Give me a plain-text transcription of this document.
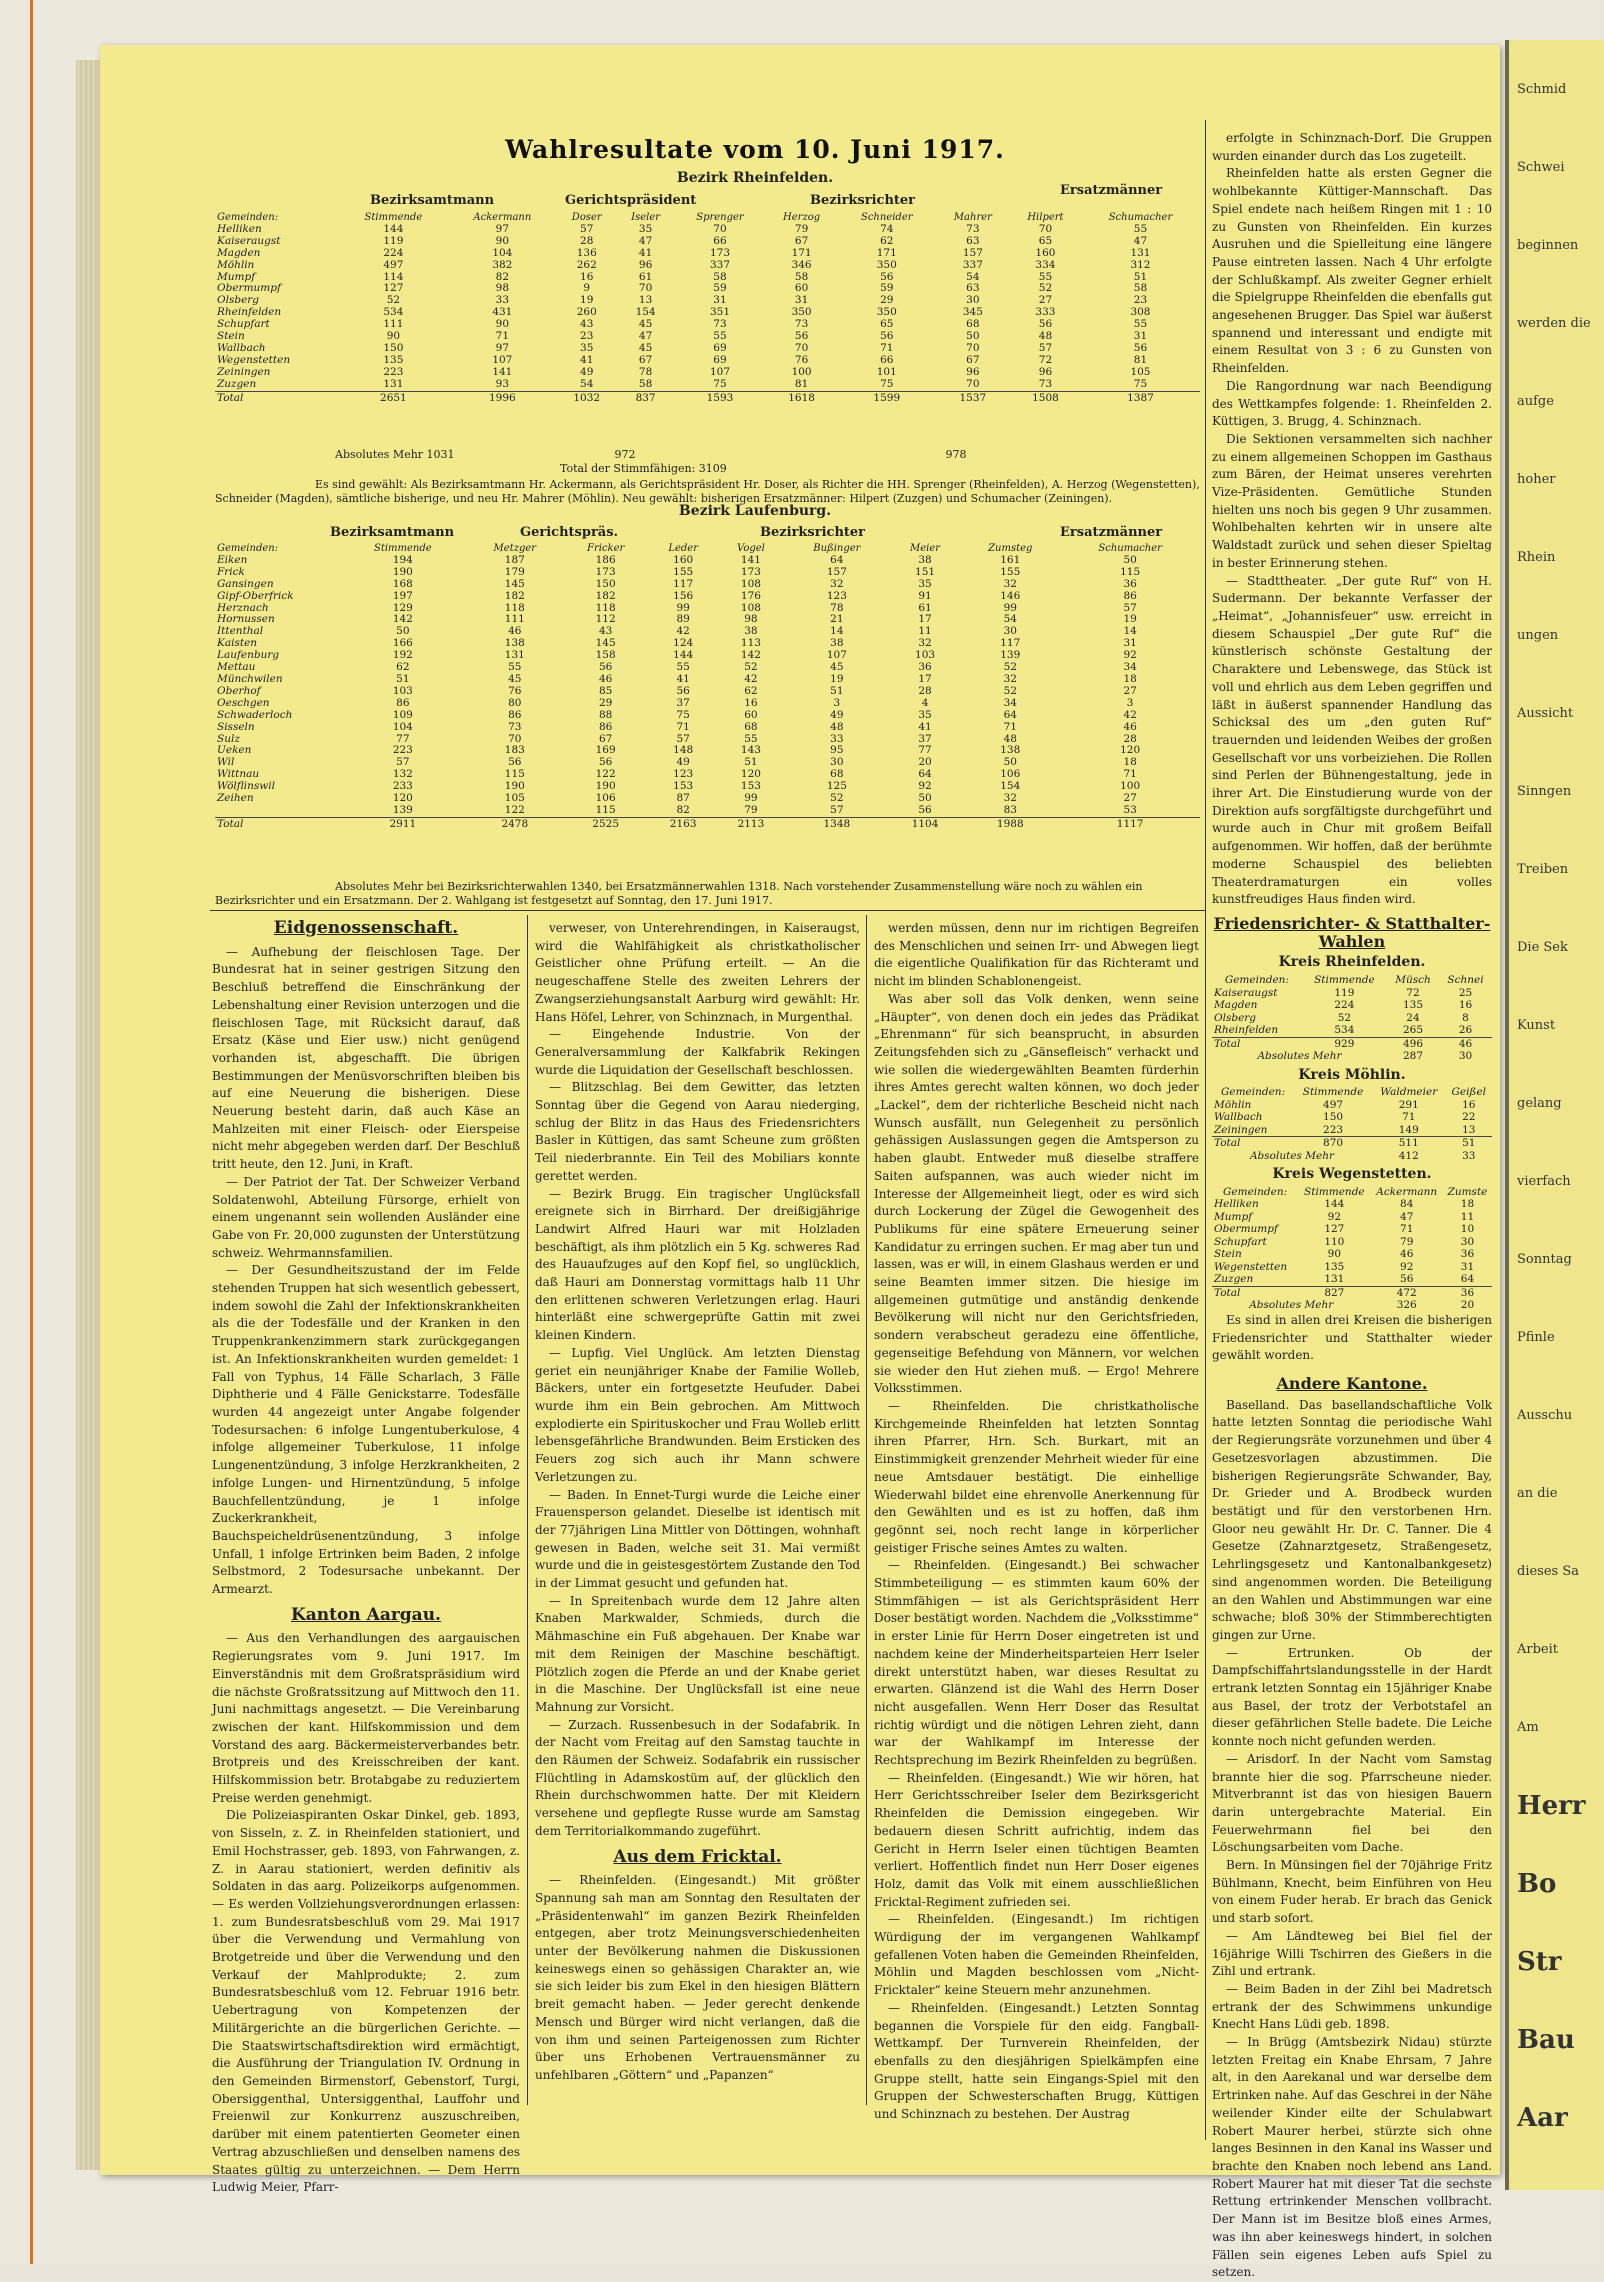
Schmid
Schwei
beginnen
werden die
aufge
hoher
Rhein
ungen
Aussicht
Sinngen
Treiben
Die Sek
Kunst
gelang
vierfach
Sonntag
Pfinle
Ausschu
an die
dieses Sa
Arbeit
Am
Herr
Bo
Str
Bau
Aar
Wahlresultate vom 10. Juni 1917.
Bezirk Rheinfelden.
Bezirksamtmann	Gerichtspräsident	Bezirksrichter
Ersatzmänner
Gemeinden:	Stimmende	Ackermann	Doser	Iseler	Sprenger	Herzog	Schneider	Mahrer	Hilpert	Schumacher
Helliken	144	97	57	35	70	79	74	73	70	55
Kaiseraugst	119	90	28	47	66	67	62	63	65	47
Magden	224	104	136	41	173	171	171	157	160	131
Möhlin	497	382	262	96	337	346	350	337	334	312
Mumpf	114	82	16	61	58	58	56	54	55	51
Obermumpf	127	98	9	70	59	60	59	63	52	58
Olsberg	52	33	19	13	31	31	29	30	27	23
Rheinfelden	534	431	260	154	351	350	350	345	333	308
Schupfart	111	90	43	45	73	73	65	68	56	55
Stein	90	71	23	47	55	56	56	50	48	31
Wallbach	150	97	35	45	69	70	71	70	57	56
Wegenstetten	135	107	41	67	69	76	66	67	72	81
Zeiningen	223	141	49	78	107	100	101	96	96	105
Zuzgen	131	93	54	58	75	81	75	70	73	75
Total	2651	1996	1032	837	1593	1618	1599	1537	1508	1387
Absolutes Mehr 1031	972	978
Total der Stimmfähigen: 3109
Es sind gewählt: Als Bezirksamtmann Hr. Ackermann, als Gerichtspräsident Hr. Doser, als Richter die HH. Sprenger (Rheinfelden), A. Herzog (Wegenstetten), Schneider (Magden), sämtliche bisherige, und neu Hr. Mahrer (Möhlin). Neu gewählt: bisherigen Ersatzmänner: Hilpert (Zuzgen) und Schumacher (Zeiningen).
Bezirk Laufenburg.
Bezirksamtmann	Gerichtspräs.	Bezirksrichter	Ersatzmänner
Gemeinden:	Stimmende	Metzger	Fricker	Leder	Vogel	Bußinger	Meier	Zumsteg	Schumacher
Eiken	194	187	186	160	141	64	38	161	50
Frick	190	179	173	155	173	157	151	155	115
Gansingen	168	145	150	117	108	32	35	32	36
Gipf-Oberfrick	197	182	182	156	176	123	91	146	86
Herznach	129	118	118	99	108	78	61	99	57
Hornussen	142	111	112	89	98	21	17	54	19
Ittenthal	50	46	43	42	38	14	11	30	14
Kaisten	166	138	145	124	113	38	32	117	31
Laufenburg	192	131	158	144	142	107	103	139	92
Mettau	62	55	56	55	52	45	36	52	34
Münchwilen	51	45	46	41	42	19	17	32	18
Oberhof	103	76	85	56	62	51	28	52	27
Oeschgen	86	80	29	37	16	3	4	34	3
Schwaderloch	109	86	88	75	60	49	35	64	42
Sisseln	104	73	86	71	68	48	41	71	46
Sulz	77	70	67	57	55	33	37	48	28
Ueken	223	183	169	148	143	95	77	138	120
Wil	57	56	56	49	51	30	20	50	18
Wittnau	132	115	122	123	120	68	64	106	71
Wölflinswil	233	190	190	153	153	125	92	154	100
Zeihen	120	105	106	87	99	52	50	32	27
	139	122	115	82	79	57	56	83	53
Total	2911	2478	2525	2163	2113	1348	1104	1988	1117
Absolutes Mehr bei Bezirksrichterwahlen 1340, bei Ersatzmännerwahlen 1318. Nach vorstehender Zusammenstellung wäre noch zu wählen ein Bezirksrichter und ein Ersatzmann. Der 2. Wahlgang ist festgesetzt auf Sonntag, den 17. Juni 1917.
Eidgenossenschaft.

— Aufhebung der fleischlosen Tage. Der Bundesrat hat in seiner gestrigen Sitzung den Beschluß betreffend die Einschränkung der Lebenshaltung einer Revision unterzogen und die fleischlosen Tage, mit Rücksicht darauf, daß Ersatz (Käse und Eier usw.) nicht genügend vorhanden ist, abgeschafft. Die übrigen Bestimmungen der Menüsvorschriften bleiben bis auf eine Neuerung die bisherigen. Diese Neuerung besteht darin, daß auch Käse an Mahlzeiten mit einer Fleisch- oder Eierspeise nicht mehr abgegeben werden darf. Der Beschluß tritt heute, den 12. Juni, in Kraft.

— Der Patriot der Tat. Der Schweizer Verband Soldatenwohl, Abteilung Fürsorge, erhielt von einem ungenannt sein wollenden Ausländer eine Gabe von Fr. 20,000 zugunsten der Unterstützung schweiz. Wehrmannsfamilien.

— Der Gesundheitszustand der im Felde stehenden Truppen hat sich wesentlich gebessert, indem sowohl die Zahl der Infektionskrankheiten als die der Todesfälle und der Kranken in den Truppenkrankenzimmern stark zurückgegangen ist. An Infektionskrankheiten wurden gemeldet: 1 Fall von Typhus, 14 Fälle Scharlach, 3 Fälle Diphtherie und 4 Fälle Genickstarre. Todesfälle wurden 44 angezeigt unter Angabe folgender Todesursachen: 6 infolge Lungentuberkulose, 4 infolge allgemeiner Tuberkulose, 11 infolge Lungenentzündung, 3 infolge Herzkrankheiten, 2 infolge Lungen- und Hirnentzündung, 5 infolge Bauchfellentzündung, je 1 infolge Zuckerkrankheit, Bauchspeicheldrüsenentzündung, 3 infolge Unfall, 1 infolge Ertrinken beim Baden, 2 infolge Selbstmord, 2 Todesursache unbekannt. Der Armearzt.

Kanton Aargau.

— Aus den Verhandlungen des aargauischen Regierungsrates vom 9. Juni 1917. Im Einverständnis mit dem Großratspräsidium wird die nächste Großratssitzung auf Mittwoch den 11. Juni nachmittags angesetzt. — Die Vereinbarung zwischen der kant. Hilfskommission und dem Vorstand des aarg. Bäckermeisterverbandes betr. Brotpreis und des Kreisschreiben der kant. Hilfskommission betr. Brotabgabe zu reduziertem Preise werden genehmigt.

Die Polizeiaspiranten Oskar Dinkel, geb. 1893, von Sisseln, z. Z. in Rheinfelden stationiert, und Emil Hochstrasser, geb. 1893, von Fahrwangen, z. Z. in Aarau stationiert, werden definitiv als Soldaten in das aarg. Polizeikorps aufgenommen. — Es werden Vollziehungsverordnungen erlassen: 1. zum Bundesratsbeschluß vom 29. Mai 1917 über die Verwendung und Vermahlung von Brotgetreide und über die Verwendung und den Verkauf der Mahlprodukte; 2. zum Bundesratsbeschluß vom 12. Februar 1916 betr. Uebertragung von Kompetenzen der Militärgerichte an die bürgerlichen Gerichte. — Die Staatswirtschaftsdirektion wird ermächtigt, die Ausführung der Triangulation IV. Ordnung in den Gemeinden Birmenstorf, Gebenstorf, Turgi, Obersiggenthal, Untersiggenthal, Lauffohr und Freienwil zur Konkurrenz auszuschreiben, darüber mit einem patentierten Geometer einen Vertrag abzuschließen und denselben namens des Staates gültig zu unterzeichnen. — Dem Herrn Ludwig Meier, Pfarr-

verweser, von Unterehrendingen, in Kaiseraugst, wird die Wahlfähigkeit als christkatholischer Geistlicher ohne Prüfung erteilt. — An die neugeschaffene Stelle des zweiten Lehrers der Zwangserziehungsanstalt Aarburg wird gewählt: Hr. Hans Höfel, Lehrer, von Schinznach, in Murgenthal.

— Eingehende Industrie. Von der Generalversammlung der Kalkfabrik Rekingen wurde die Liquidation der Gesellschaft beschlossen.

— Blitzschlag. Bei dem Gewitter, das letzten Sonntag über die Gegend von Aarau niederging, schlug der Blitz in das Haus des Friedensrichters Basler in Küttigen, das samt Scheune zum größten Teil niederbrannte. Ein Teil des Mobiliars konnte gerettet werden.

— Bezirk Brugg. Ein tragischer Unglücksfall ereignete sich in Birrhard. Der dreißigjährige Landwirt Alfred Hauri war mit Holzladen beschäftigt, als ihm plötzlich ein 5 Kg. schweres Rad des Hauaufzuges auf den Kopf fiel, so unglücklich, daß Hauri am Donnerstag vormittags halb 11 Uhr den erlittenen schweren Verletzungen erlag. Hauri hinterläßt eine schwergeprüfte Gattin mit zwei kleinen Kindern.

— Lupfig. Viel Unglück. Am letzten Dienstag geriet ein neunjähriger Knabe der Familie Wolleb, Bäckers, unter ein fortgesetzte Heufuder. Dabei wurde ihm ein Bein gebrochen. Am Mittwoch explodierte ein Spirituskocher und Frau Wolleb erlitt lebensgefährliche Brandwunden. Beim Ersticken des Feuers zog sich auch ihr Mann schwere Verletzungen zu.

— Baden. In Ennet-Turgi wurde die Leiche einer Frauensperson gelandet. Dieselbe ist identisch mit der 77jährigen Lina Mittler von Döttingen, wohnhaft gewesen in Baden, welche seit 31. Mai vermißt wurde und die in geistesgestörtem Zustande den Tod in der Limmat gesucht und gefunden hat.

— In Spreitenbach wurde dem 12 Jahre alten Knaben Markwalder, Schmieds, durch die Mähmaschine ein Fuß abgehauen. Der Knabe war mit dem Reinigen der Maschine beschäftigt. Plötzlich zogen die Pferde an und der Knabe geriet in die Maschine. Der Unglücksfall ist eine neue Mahnung zur Vorsicht.

— Zurzach. Russenbesuch in der Sodafabrik. In der Nacht vom Freitag auf den Samstag tauchte in den Räumen der Schweiz. Sodafabrik ein russischer Flüchtling in Adamskostüm auf, der glücklich den Rhein durchschwommen hatte. Der mit Kleidern versehene und gepflegte Russe wurde am Samstag dem Territorialkommando zugeführt.

Aus dem Fricktal.

— Rheinfelden. (Eingesandt.) Mit größter Spannung sah man am Sonntag den Resultaten der „Präsidentenwahl“ im ganzen Bezirk Rheinfelden entgegen, aber trotz Meinungsverschiedenheiten unter der Bevölkerung nahmen die Diskussionen keineswegs einen so gehässigen Charakter an, wie sie sich leider bis zum Ekel in den hiesigen Blättern breit gemacht haben. — Jeder gerecht denkende Mensch und Bürger wird nicht verlangen, daß die von ihm und seinen Parteigenossen zum Richter über uns Erhobenen Vertrauensmänner zu unfehlbaren „Göttern“ und „Papanzen“

werden müssen, denn nur im richtigen Begreifen des Menschlichen und seinen Irr- und Abwegen liegt die eigentliche Qualifikation für das Richteramt und nicht im blinden Schablonengeist.

Was aber soll das Volk denken, wenn seine „Häupter“, von denen doch ein jedes das Prädikat „Ehrenmann“ für sich beansprucht, in absurden Zeitungsfehden sich zu „Gänsefleisch“ verhackt und wie sollen die wiedergewählten Beamten fürderhin ihres Amtes gerecht walten können, wo doch jeder „Lackel“, dem der richterliche Bescheid nicht nach Wunsch ausfällt, nun Gelegenheit zu persönlich gehässigen Auslassungen gegen die Amtsperson zu haben glaubt. Entweder muß dieselbe straffere Saiten aufspannen, was auch wieder nicht im Interesse der Allgemeinheit liegt, oder es wird sich durch Lockerung der Zügel die Gewogenheit des Publikums für eine spätere Erneuerung seiner Kandidatur zu erringen suchen. Er mag aber tun und lassen, was er will, in einem Glashaus werden er und seine Beamten immer sitzen. Die hiesige im allgemeinen gutmütige und anständig denkende Bevölkerung will nicht nur den Gerichtsfrieden, sondern verabscheut geradezu eine öffentliche, gegenseitige Befehdung von Männern, vor welchen sie wieder den Hut ziehen muß. — Ergo! Mehrere Volksstimmen.

— Rheinfelden. Die christkatholische Kirchgemeinde Rheinfelden hat letzten Sonntag ihren Pfarrer, Hrn. Sch. Burkart, mit an Einstimmigkeit grenzender Mehrheit wieder für eine neue Amtsdauer bestätigt. Die einhellige Wiederwahl bildet eine ehrenvolle Anerkennung für den Gewählten und es ist zu hoffen, daß ihm gegönnt sei, noch recht lange in körperlicher geistiger Frische seines Amtes zu walten.

— Rheinfelden. (Eingesandt.) Bei schwacher Stimmbeteiligung — es stimmten kaum 60% der Stimmfähigen — ist als Gerichtspräsident Herr Doser bestätigt worden. Nachdem die „Volksstimme“ in erster Linie für Herrn Doser eingetreten ist und nachdem keine der Minderheitsparteien Herr Iseler direkt unterstützt haben, war dieses Resultat zu erwarten. Glänzend ist die Wahl des Herrn Doser nicht ausgefallen. Wenn Herr Doser das Resultat richtig würdigt und die nötigen Lehren zieht, dann war der Wahlkampf im Interesse der Rechtsprechung im Bezirk Rheinfelden zu begrüßen.

— Rheinfelden. (Eingesandt.) Wie wir hören, hat Herr Gerichtsschreiber Iseler dem Bezirksgericht Rheinfelden die Demission eingegeben. Wir bedauern diesen Schritt aufrichtig, indem das Gericht in Herrn Iseler einen tüchtigen Beamten verliert. Hoffentlich findet nun Herr Doser eigenes Holz, damit das Volk mit einem ausschließlichen Fricktal-Regiment zufrieden sei.

— Rheinfelden. (Eingesandt.) Im richtigen Würdigung der im vergangenen Wahlkampf gefallenen Voten haben die Gemeinden Rheinfelden, Möhlin und Magden beschlossen vom „Nicht-Fricktaler“ keine Steuern mehr anzunehmen.

— Rheinfelden. (Eingesandt.) Letzten Sonntag begannen die Vorspiele für den eidg. Fangball-Wettkampf. Der Turnverein Rheinfelden, der ebenfalls zu den diesjährigen Spielkämpfen eine Gruppe stellt, hatte sein Eingangs-Spiel mit den Gruppen der Schwesterschaften Brugg, Küttigen und Schinznach zu bestehen. Der Austrag

erfolgte in Schinznach-Dorf. Die Gruppen wurden einander durch das Los zugeteilt.

Rheinfelden hatte als ersten Gegner die wohlbekannte Küttiger-Mannschaft. Das Spiel endete nach heißem Ringen mit 1 : 10 zu Gunsten von Rheinfelden. Ein kurzes Ausruhen und die Spielleitung eine längere Pause eintreten lassen. Nach 4 Uhr erfolgte der Schlußkampf. Als zweiter Gegner erhielt die Spielgruppe Rheinfelden die ebenfalls gut angesehenen Brugger. Das Spiel war äußerst spannend und interessant und endigte mit einem Resultat von 3 : 6 zu Gunsten von Rheinfelden.

Die Rangordnung war nach Beendigung des Wettkampfes folgende: 1. Rheinfelden 2. Küttigen, 3. Brugg, 4. Schinznach.

Die Sektionen versammelten sich nachher zu einem allgemeinen Schoppen im Gasthaus zum Bären, der Heimat unseres verehrten Vize-Präsidenten. Gemütliche Stunden hielten uns noch bis gegen 9 Uhr zusammen. Wohlbehalten kehrten wir in unsere alte Waldstadt zurück und sehen dieser Spieltag in bester Erinnerung stehen.

— Stadttheater. „Der gute Ruf“ von H. Sudermann. Der bekannte Verfasser der „Heimat“, „Johannisfeuer“ usw. erreicht in diesem Schauspiel „Der gute Ruf“ die künstlerisch schönste Gestaltung der Charaktere und Lebenswege, das Stück ist voll und ehrlich aus dem Leben gegriffen und läßt in äußerst spannender Handlung das Schicksal des um „den guten Ruf“ trauernden und leidenden Weibes der großen Gesellschaft vor uns vorbeiziehen. Die Rollen sind Perlen der Bühnengestaltung, jede in ihrer Art. Die Einstudierung wurde von der Direktion aufs sorgfältigste durchgeführt und wurde auch in Chur mit großem Beifall aufgenommen. Wir hoffen, daß der berühmte moderne Schauspiel des beliebten Theaterdramaturgen ein volles kunstfreudiges Haus finden wird.

Friedensrichter- & Statthalter-Wahlen
Kreis Rheinfelden.
Gemeinden:	Stimmende	Müsch	Schnei
Kaiseraugst	119	72	25
Magden	224	135	16
Olsberg	52	24	8
Rheinfelden	534	265	26
Total	929	496	46
Absolutes Mehr		287	30
Kreis Möhlin.
Gemeinden:	Stimmende	Waldmeier	Geißel
Möhlin	497	291	16
Wallbach	150	71	22
Zeiningen	223	149	13
Total	870	511	51
Absolutes Mehr		412	33
Kreis Wegenstetten.
Gemeinden:	Stimmende	Ackermann	Zumste
Helliken	144	84	18
Mumpf	92	47	11
Obermumpf	127	71	10
Schupfart	110	79	30
Stein	90	46	36
Wegenstetten	135	92	31
Zuzgen	131	56	64
Total	827	472	36
Absolutes Mehr		326	20

Es sind in allen drei Kreisen die bisherigen Friedensrichter und Statthalter wieder gewählt worden.

Andere Kantone.

Baselland. Das basellandschaftliche Volk hatte letzten Sonntag die periodische Wahl der Regierungsräte vorzunehmen und über 4 Gesetzesvorlagen abzustimmen. Die bisherigen Regierungsräte Schwander, Bay, Dr. Grieder und A. Brodbeck wurden bestätigt und für den verstorbenen Hrn. Gloor neu gewählt Hr. Dr. C. Tanner. Die 4 Gesetze (Zahnarztgesetz, Straßengesetz, Lehrlingsgesetz und Kantonalbankgesetz) sind angenommen worden. Die Beteiligung an den Wahlen und Abstimmungen war eine schwache; bloß 30% der Stimmberechtigten gingen zur Urne.

— Ertrunken. Ob der Dampfschiffahrtslandungsstelle in der Hardt ertrank letzten Sonntag ein 15jähriger Knabe aus Basel, der trotz der Verbotstafel an dieser gefährlichen Stelle badete. Die Leiche konnte noch nicht gefunden werden.

— Arisdorf. In der Nacht vom Samstag brannte hier die sog. Pfarrscheune nieder. Mitverbrannt ist das von hiesigen Bauern darin untergebrachte Material. Ein Feuerwehrmann fiel bei den Löschungsarbeiten vom Dache.

Bern. In Münsingen fiel der 70jährige Fritz Bühlmann, Knecht, beim Einführen von Heu von einem Fuder herab. Er brach das Genick und starb sofort.

— Am Ländteweg bei Biel fiel der 16jährige Willi Tschirren des Gießers in die Zihl und ertrank.

— Beim Baden in der Zihl bei Madretsch ertrank der des Schwimmens unkundige Knecht Hans Lüdi geb. 1898.

— In Brügg (Amtsbezirk Nidau) stürzte letzten Freitag ein Knabe Ehrsam, 7 Jahre alt, in den Aarekanal und war derselbe dem Ertrinken nahe. Auf das Geschrei in der Nähe weilender Kinder eilte der Schulabwart Robert Maurer herbei, stürzte sich ohne langes Besinnen in den Kanal ins Wasser und brachte den Knaben noch lebend ans Land. Robert Maurer hat mit dieser Tat die sechste Rettung ertrinkender Menschen vollbracht. Der Mann ist im Besitze bloß eines Armes, was ihn aber keineswegs hindert, in solchen Fällen sein eigenes Leben aufs Spiel zu setzen.
